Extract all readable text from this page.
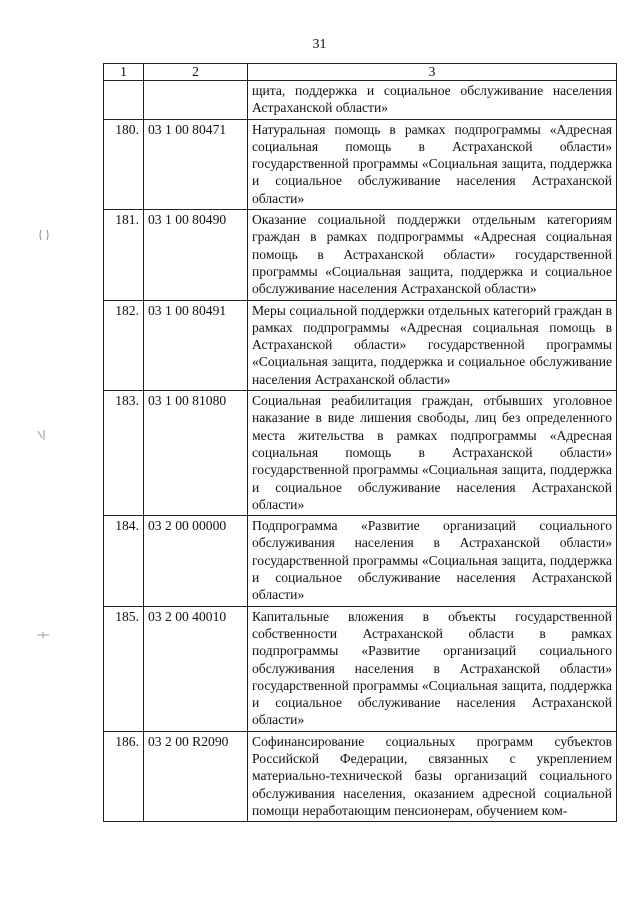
31
1	2	3
		щита, поддержка и социальное обслуживание населения Астраханской области»
180.	03 1 00 80471	Натуральная помощь в рамках подпрограммы «Адресная социальная помощь в Астраханской области» государственной программы «Социальная защита, поддержка и социальное обслуживание населения Астраханской области»
181.	03 1 00 80490	Оказание социальной поддержки отдельным категориям граждан в рамках подпрограммы «Адресная социальная помощь в Астраханской области» государственной программы «Социальная защита, поддержка и социальное обслуживание населения Астраханской области»
182.	03 1 00 80491	Меры социальной поддержки отдельных категорий граждан в рамках подпрограммы «Адресная социальная помощь в Астраханской области» государственной программы «Социальная защита, поддержка и социальное обслуживание населения Астраханской области»
183.	03 1 00 81080	Социальная реабилитация граждан, отбывших уголовное наказание в виде лишения свободы, лиц без определенного места жительства в рамках подпрограммы «Адресная социальная помощь в Астраханской области» государственной программы «Социальная защита, поддержка и социальное обслуживание населения Астраханской области»
184.	03 2 00 00000	Подпрограмма «Развитие организаций социального обслуживания населения в Астраханской области» государственной программы «Социальная защита, поддержка и социальное обслуживание населения Астраханской области»
185.	03 2 00 40010	Капитальные вложения в объекты государственной собственности Астраханской области в рамках подпрограммы «Развитие организаций социального обслуживания населения в Астраханской области» государственной программы «Социальная защита, поддержка и социальное обслуживание населения Астраханской области»
186.	03 2 00 R2090	Софинансирование социальных программ субъектов Российской Федерации, связанных с укреплением материально-технической базы организаций социального обслуживания населения, оказанием адресной социальной помощи неработающим пенсионерам, обучением ком-
